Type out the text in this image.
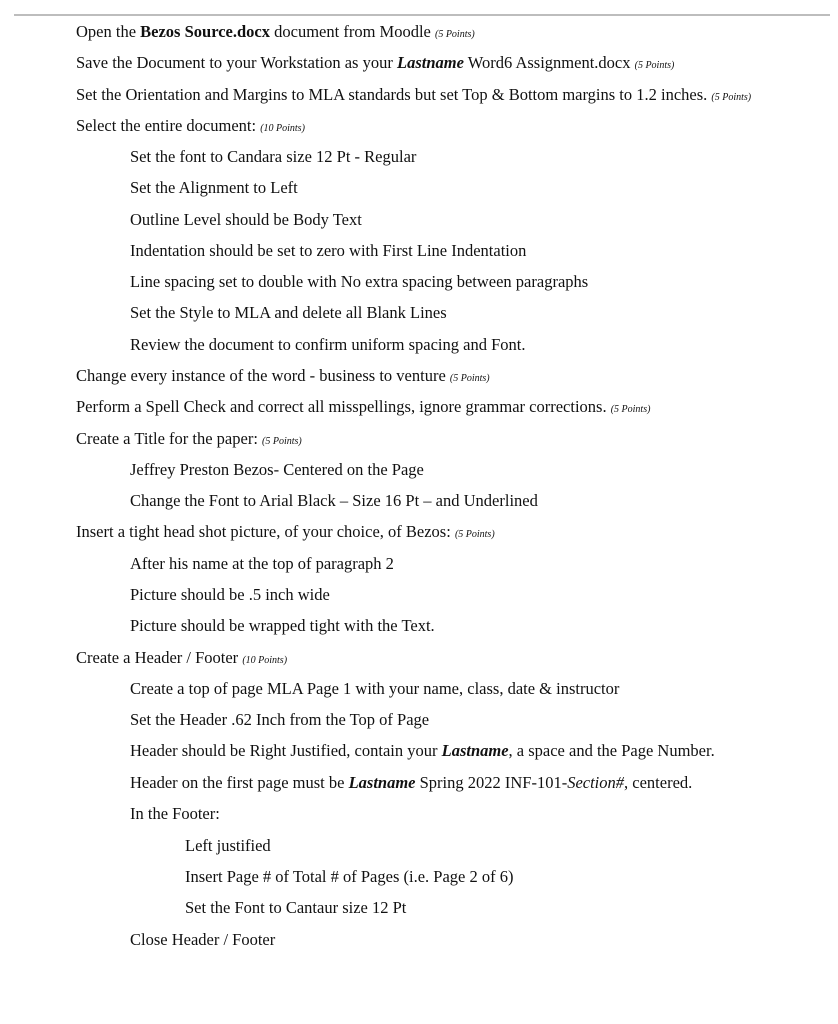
Open the Bezos Source.docx document from Moodle (5 Points)
Save the Document to your Workstation as your Lastname Word6 Assignment.docx (5 Points)
Set the Orientation and Margins to MLA standards but set Top & Bottom margins to 1.2 inches. (5 Points)
Select the entire document: (10 Points)
Set the font to Candara size 12 Pt - Regular
Set the Alignment to Left
Outline Level should be Body Text
Indentation should be set to zero with First Line Indentation
Line spacing set to double with No extra spacing between paragraphs
Set the Style to MLA and delete all Blank Lines
Review the document to confirm uniform spacing and Font.
Change every instance of the word - business to venture (5 Points)
Perform a Spell Check and correct all misspellings, ignore grammar corrections. (5 Points)
Create a Title for the paper: (5 Points)
Jeffrey Preston Bezos- Centered on the Page
Change the Font to Arial Black – Size 16 Pt – and Underlined
Insert a tight head shot picture, of your choice, of Bezos: (5 Points)
After his name at the top of paragraph 2
Picture should be .5 inch wide
Picture should be wrapped tight with the Text.
Create a Header / Footer (10 Points)
Create a top of page MLA Page 1 with your name, class, date & instructor
Set the Header .62 Inch from the Top of Page
Header should be Right Justified, contain your Lastname, a space and the Page Number.
Header on the first page must be Lastname Spring 2022 INF-101-Section#, centered.
In the Footer:
Left justified
Insert Page # of Total # of Pages (i.e. Page 2 of 6)
Set the Font to Cantaur size 12 Pt
Close Header / Footer
